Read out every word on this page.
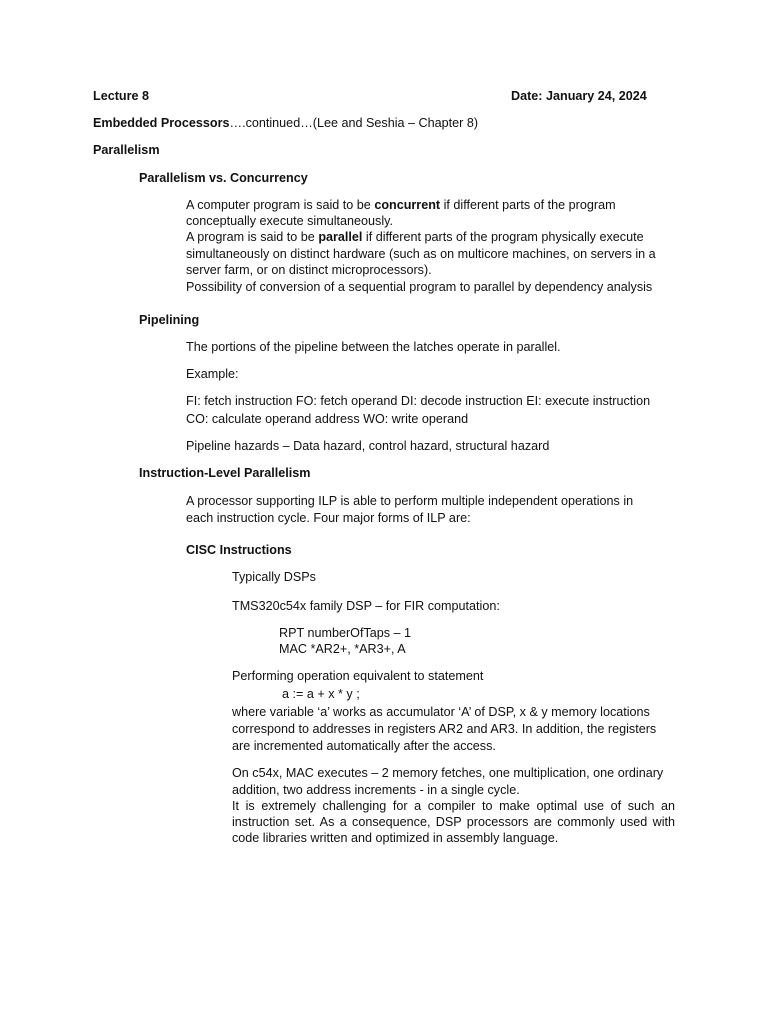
Lecture 8	Date: January 24, 2024
Embedded Processors….continued…(Lee and Seshia – Chapter 8)
Parallelism
Parallelism vs. Concurrency
A computer program is said to be concurrent if different parts of the program
conceptually execute simultaneously.
A program is said to be parallel if different parts of the program physically execute
simultaneously on distinct hardware (such as on multicore machines, on servers in a
server farm, or on distinct microprocessors).
Possibility of conversion of a sequential program to parallel by dependency analysis
Pipelining
The portions of the pipeline between the latches operate in parallel.
Example:
FI: fetch instruction FO: fetch operand DI: decode instruction EI: execute instruction
CO: calculate operand address WO: write operand
Pipeline hazards – Data hazard, control hazard, structural hazard
Instruction-Level Parallelism
A processor supporting ILP is able to perform multiple independent operations in
each instruction cycle. Four major forms of ILP are:
CISC Instructions
Typically DSPs
TMS320c54x family DSP – for FIR computation:
RPT numberOfTaps – 1
MAC *AR2+, *AR3+, A
Performing operation equivalent to statement
a := a + x * y ;
where variable ‘a’ works as accumulator ‘A’ of DSP, x & y memory locations
correspond to addresses in registers AR2 and AR3. In addition, the registers
are incremented automatically after the access.
On c54x, MAC executes – 2 memory fetches, one multiplication, one ordinary
addition, two address increments - in a single cycle.
It is extremely challenging for a compiler to make optimal use of such an instruction set. As a consequence, DSP processors are commonly used with code libraries written and optimized in assembly language.
